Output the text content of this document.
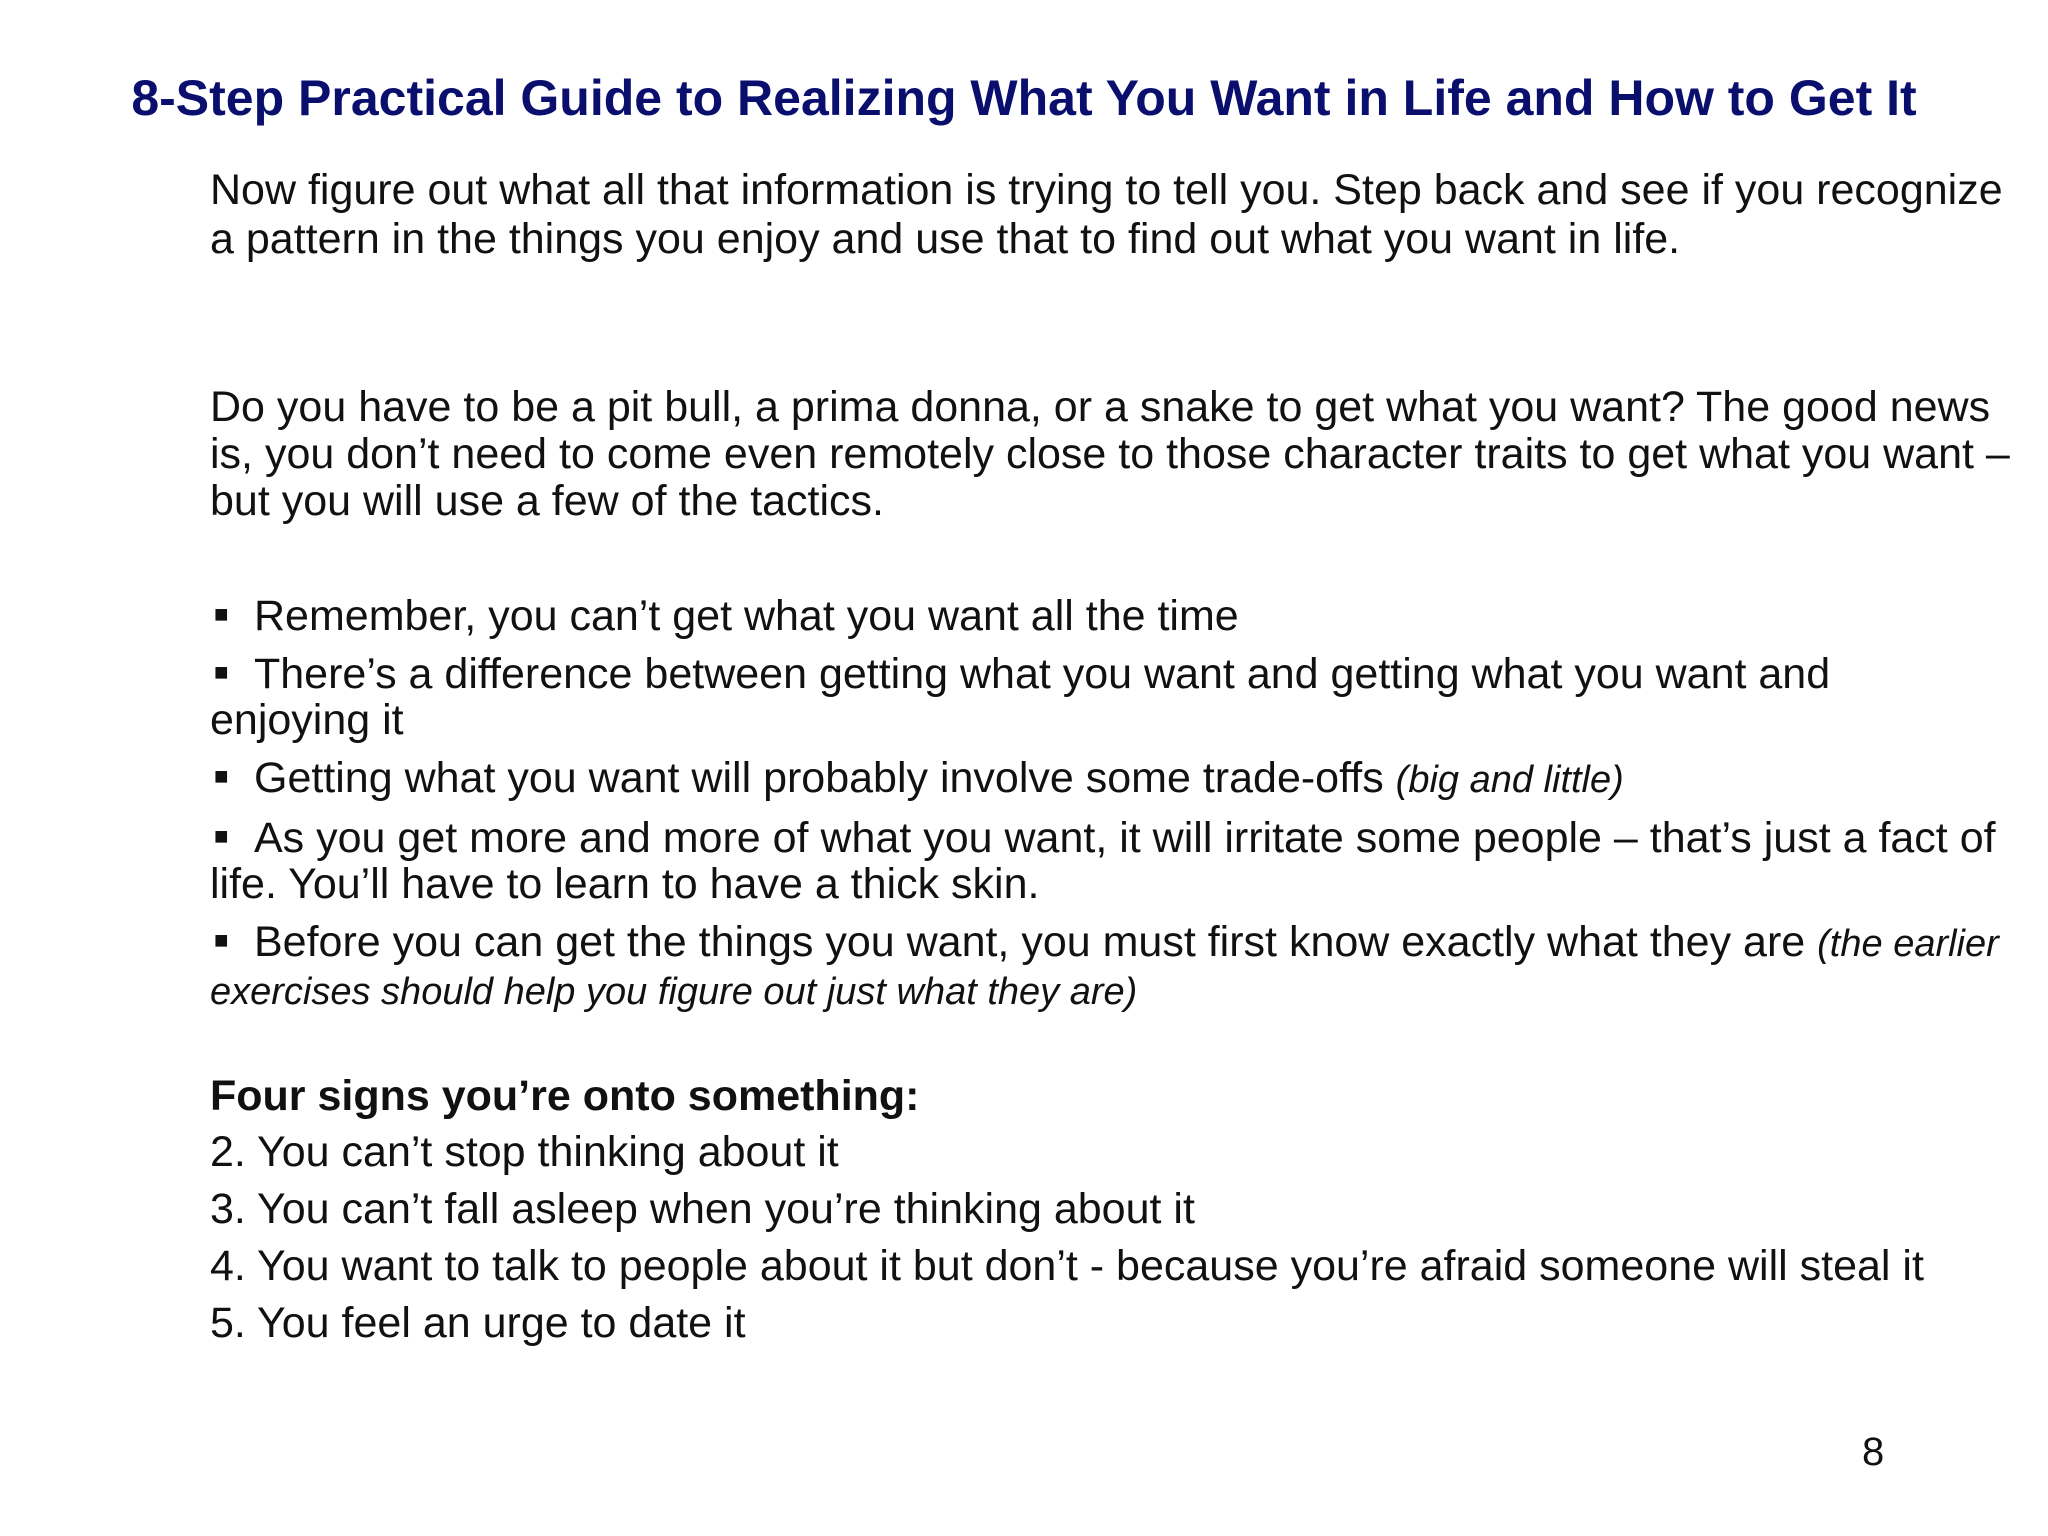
8-Step Practical Guide to Realizing What You Want in Life and How to Get It

Now figure out what all that information is trying to tell you. Step back and see if you recognize a pattern in the things you enjoy and use that to find out what you want in life.

Do you have to be a pit bull, a prima donna, or a snake to get what you want? The good news is, you don’t need to come even remotely close to those character traits to get what you want – but you will use a few of the tactics.

■ Remember, you can’t get what you want all the time
■ There’s a difference between getting what you want and getting what you want and enjoying it
■ Getting what you want will probably involve some trade-offs (big and little)
■ As you get more and more of what you want, it will irritate some people – that’s just a fact of life. You’ll have to learn to have a thick skin.
■ Before you can get the things you want, you must first know exactly what they are (the earlier exercises should help you figure out just what they are)

Four signs you’re onto something:

2. You can’t stop thinking about it
3. You can’t fall asleep when you’re thinking about it
4. You want to talk to people about it but don’t - because you’re afraid someone will steal it
5. You feel an urge to date it
8
